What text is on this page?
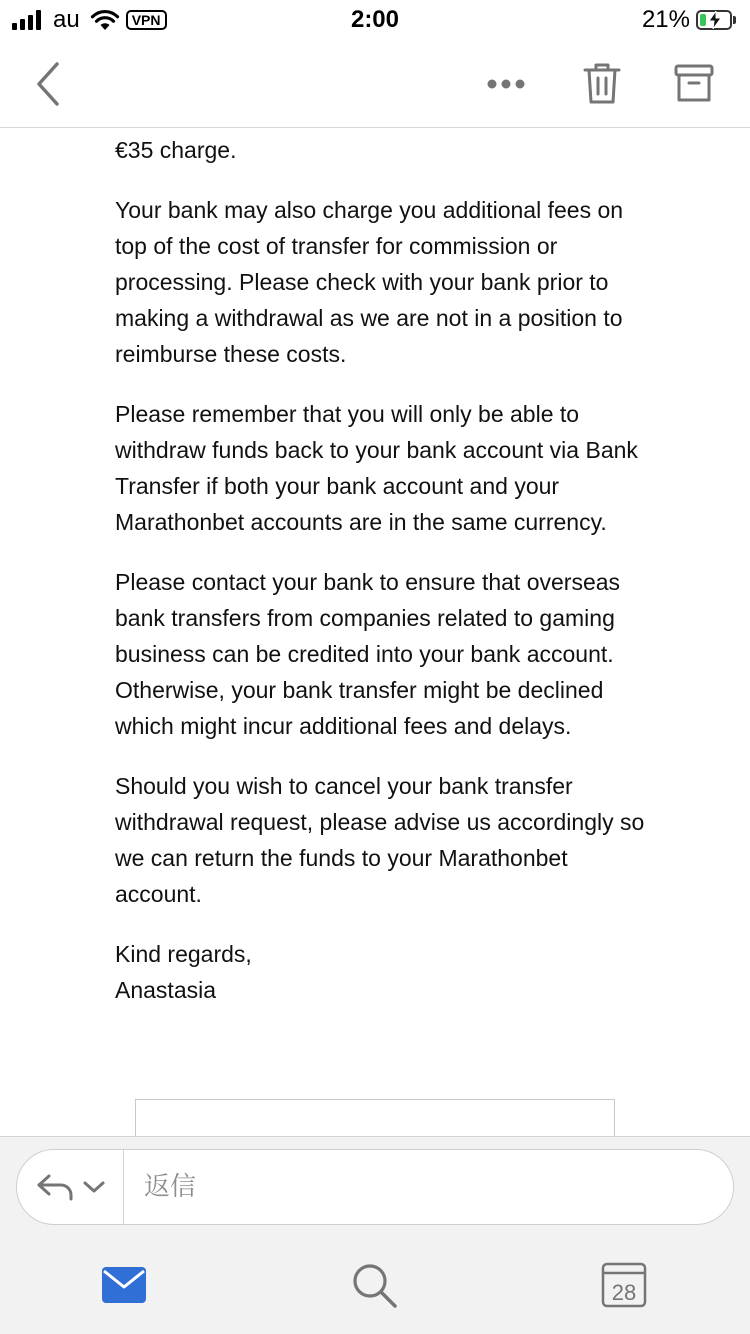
au	VPN	2:00	21%

€35 charge.

Your bank may also charge you additional fees on top of the cost of transfer for commission or processing. Please check with your bank prior to making a withdrawal as we are not in a position to reimburse these costs.

Please remember that you will only be able to withdraw funds back to your bank account via Bank Transfer if both your bank account and your Marathonbet accounts are in the same currency.

Please contact your bank to ensure that overseas bank transfers from companies related to gaming business can be credited into your bank account. Otherwise, your bank transfer might be declined which might incur additional fees and delays.

Should you wish to cancel your bank transfer withdrawal request, please advise us accordingly so we can return the funds to your Marathonbet account.

Kind regards,
Anastasia

返信
28
